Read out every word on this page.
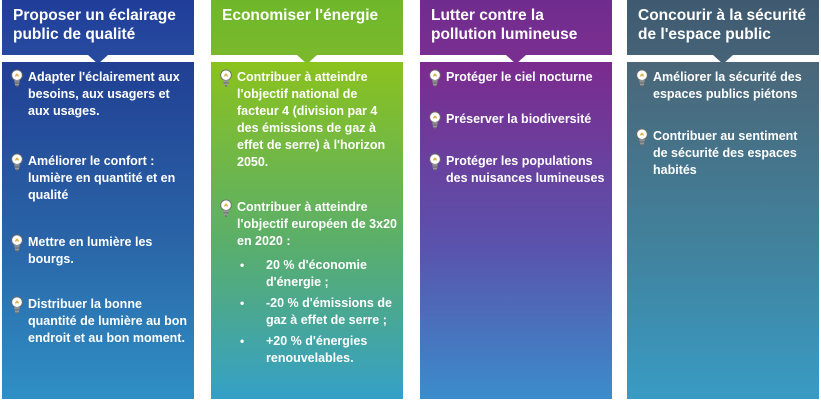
Proposer un éclairage public de qualité
Adapter l'éclairement aux besoins, aux usagers et aux usages.
Améliorer le confort : lumière en quantité et en qualité
Mettre en lumière les bourgs.
Distribuer la bonne quantité de lumière au bon endroit et au bon moment.
Economiser l'énergie
Contribuer à atteindre l'objectif national de facteur 4 (division par 4 des émissions de gaz à effet de serre) à l'horizon 2050.
Contribuer à atteindre l'objectif européen de 3x20 en 2020 :
•	20 % d'économie d'énergie ;
•	-20 % d'émissions de gaz à effet de serre ;
•	+20 % d'énergies renouvelables.
Lutter contre la pollution lumineuse
Protéger le ciel nocturne
Préserver la biodiversité
Protéger les populations des nuisances lumineuses
Concourir à la sécurité de l'espace public
Améliorer la sécurité des espaces publics piétons
Contribuer au sentiment de sécurité des espaces habités
